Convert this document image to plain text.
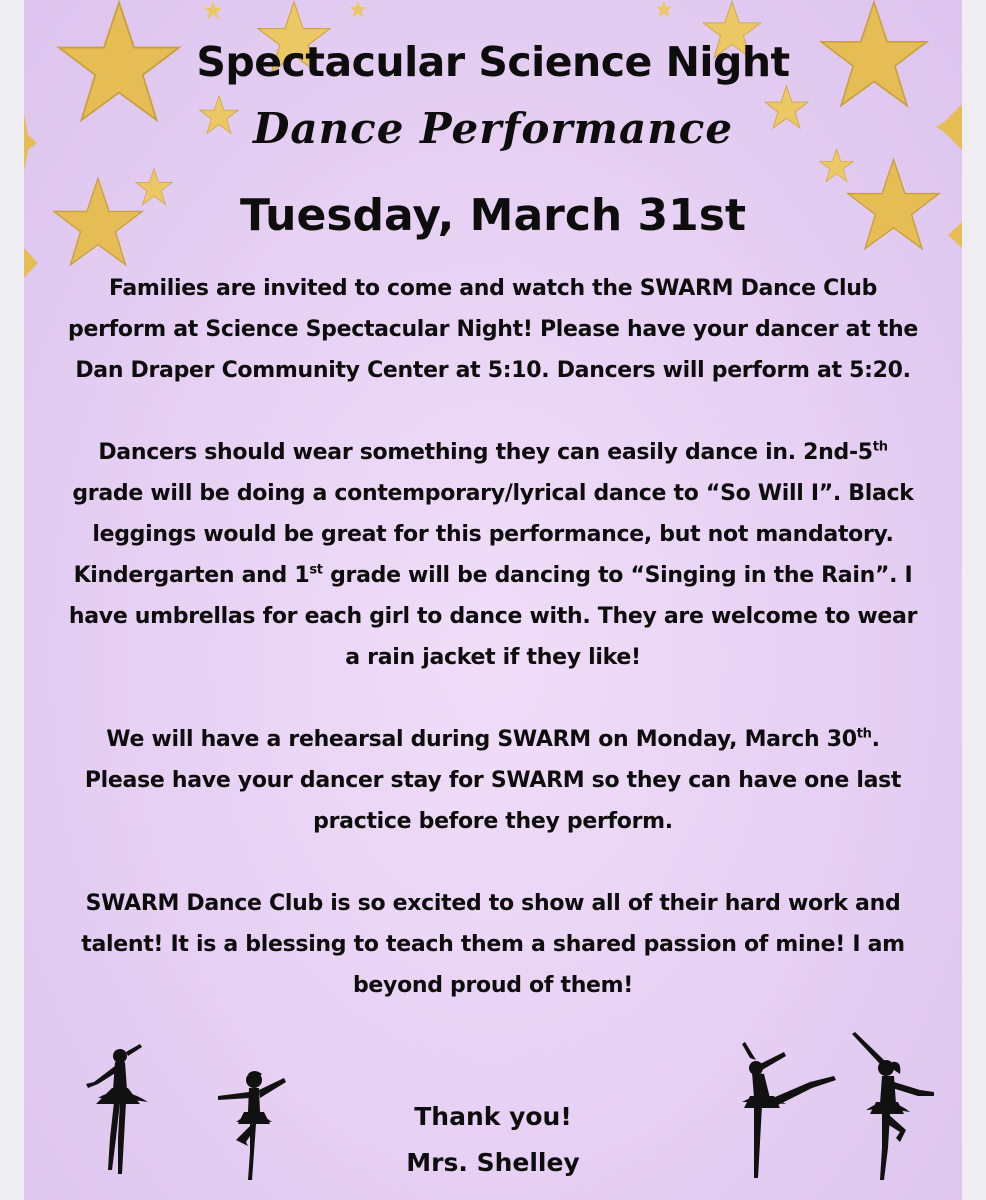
Spectacular Science Night
Dance Performance
Tuesday, March 31st

Families are invited to come and watch the SWARM Dance Club perform at Science Spectacular Night! Please have your dancer at the Dan Draper Community Center at 5:10. Dancers will perform at 5:20.

Dancers should wear something they can easily dance in. 2nd-5th grade will be doing a contemporary/lyrical dance to “So Will I”. Black leggings would be great for this performance, but not mandatory. Kindergarten and 1st grade will be dancing to “Singing in the Rain”. I have umbrellas for each girl to dance with. They are welcome to wear a rain jacket if they like!

We will have a rehearsal during SWARM on Monday, March 30th. Please have your dancer stay for SWARM so they can have one last practice before they perform.

SWARM Dance Club is so excited to show all of their hard work and talent! It is a blessing to teach them a shared passion of mine! I am beyond proud of them!

Thank you!
Mrs. Shelley
